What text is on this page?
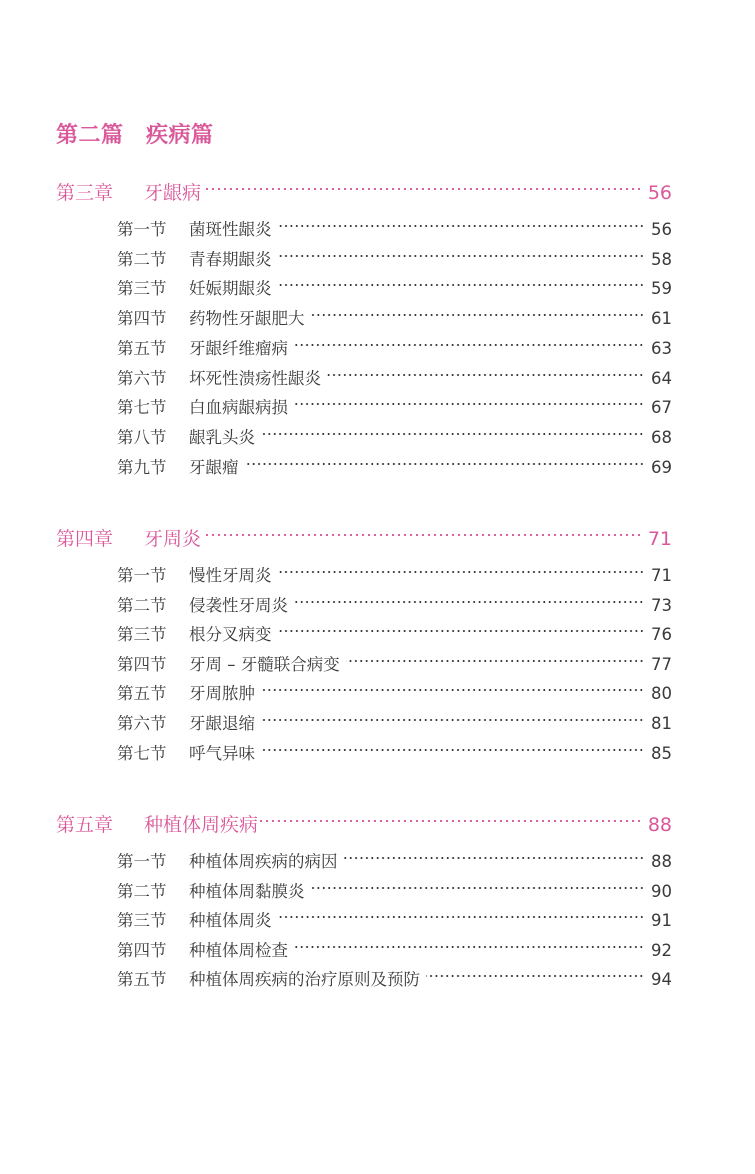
第二篇　疾病篇
第三章	牙龈病	56
第一节	菌斑性龈炎	56
第二节	青春期龈炎	58
第三节	妊娠期龈炎	59
第四节	药物性牙龈肥大	61
第五节	牙龈纤维瘤病	63
第六节	坏死性溃疡性龈炎	64
第七节	白血病龈病损	67
第八节	龈乳头炎	68
第九节	牙龈瘤	69
第四章	牙周炎	71
第一节	慢性牙周炎	71
第二节	侵袭性牙周炎	73
第三节	根分叉病变	76
第四节	牙周 – 牙髓联合病变	77
第五节	牙周脓肿	80
第六节	牙龈退缩	81
第七节	呼气异味	85
第五章	种植体周疾病	88
第一节	种植体周疾病的病因	88
第二节	种植体周黏膜炎	90
第三节	种植体周炎	91
第四节	种植体周检查	92
第五节	种植体周疾病的治疗原则及预防	94
